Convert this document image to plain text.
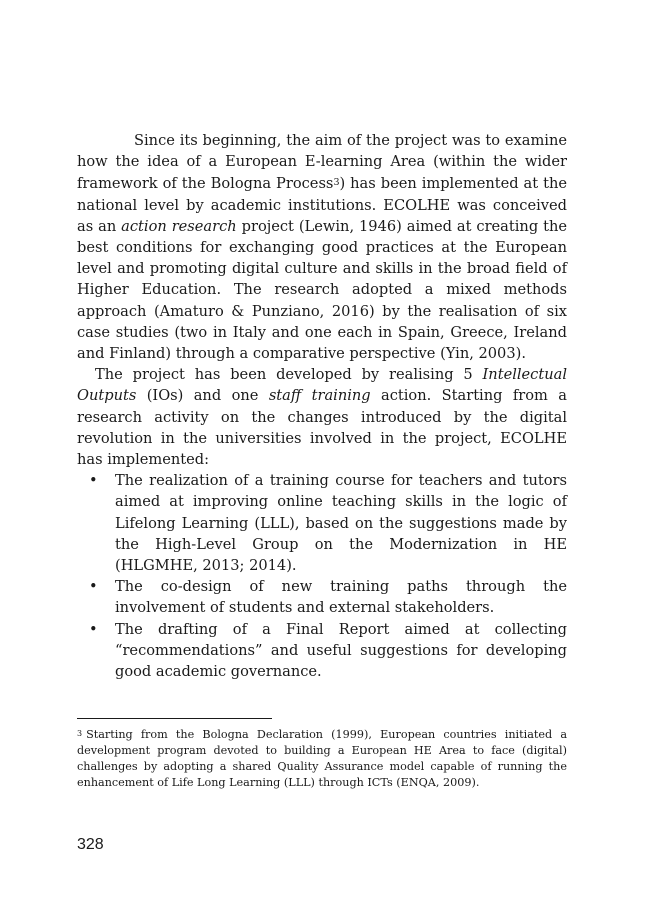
Since its beginning, the aim of the project was to examine how the idea of a European E-learning Area (within the wider framework of the Bologna Process$^3$) has been implemented at the national level by academic institutions. ECOLHE was conceived as an action research project (Lewin, 1946) aimed at creating the best conditions for exchanging good practices at the European level and promoting digital culture and skills in the broad field of Higher Education. The research adopted a mixed methods approach (Amaturo & Punziano, 2016) by the realisation of six case studies (two in Italy and one each in Spain, Greece, Ireland and Finland) through a comparative perspective (Yin, 2003).

The project has been developed by realising 5 Intellectual Outputs (IOs) and one staff training action. Starting from a research activity on the changes introduced by the digital revolution in the universities involved in the project, ECOLHE has implemented:

• The realization of a training course for teachers and tutors aimed at improving online teaching skills in the logic of Lifelong Learning (LLL), based on the suggestions made by the High-Level Group on the Modernization in HE (HLGMHE, 2013; 2014).
• The co-design of new training paths through the involvement of students and external stakeholders.
• The drafting of a Final Report aimed at collecting “recommendations” and useful suggestions for developing good academic governance.
3 Starting from the Bologna Declaration (1999), European countries initiated a development program devoted to building a European HE Area to face (digital) challenges by adopting a shared Quality Assurance model capable of running the enhancement of Life Long Learning (LLL) through ICTs (ENQA, 2009).
328
